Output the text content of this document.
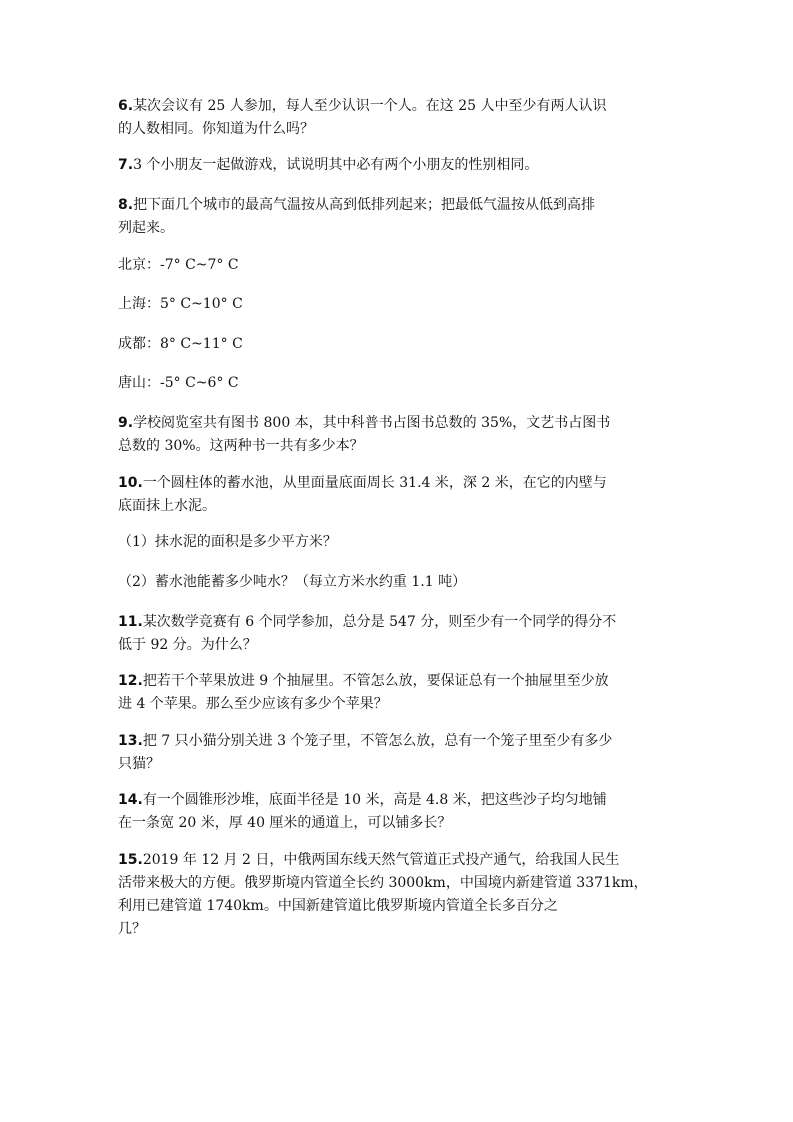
6.某次会议有 25 人参加，每人至少认识一个人。在这 25 人中至少有两人认识
的人数相同。你知道为什么吗？

7.3 个小朋友一起做游戏，试说明其中必有两个小朋友的性别相同。

8.把下面几个城市的最高气温按从高到低排列起来；把最低气温按从低到高排
列起来。

北京：-7° C~7° C

上海：5° C~10° C

成都：8° C~11° C

唐山：-5° C~6° C

9.学校阅览室共有图书 800 本，其中科普书占图书总数的 35%，文艺书占图书
总数的 30%。这两种书一共有多少本？

10.一个圆柱体的蓄水池，从里面量底面周长 31.4 米，深 2 米，在它的内壁与
底面抹上水泥。

（1）抹水泥的面积是多少平方米？

（2）蓄水池能蓄多少吨水？（每立方米水约重 1.1 吨）

11.某次数学竞赛有 6 个同学参加，总分是 547 分，则至少有一个同学的得分不
低于 92 分。为什么？

12.把若干个苹果放进 9 个抽屉里。不管怎么放，要保证总有一个抽屉里至少放
进 4 个苹果。那么至少应该有多少个苹果？

13.把 7 只小猫分别关进 3 个笼子里，不管怎么放，总有一个笼子里至少有多少
只猫？

14.有一个圆锥形沙堆，底面半径是 10 米，高是 4.8 米，把这些沙子均匀地铺
在一条宽 20 米，厚 40 厘米的通道上，可以铺多长？

15.2019 年 12 月 2 日，中俄两国东线天然气管道正式投产通气，给我国人民生
活带来极大的方便。俄罗斯境内管道全长约 3000km，中国境内新建管道 3371km，
利用已建管道 1740km。中国新建管道比俄罗斯境内管道全长多百分之
几？
